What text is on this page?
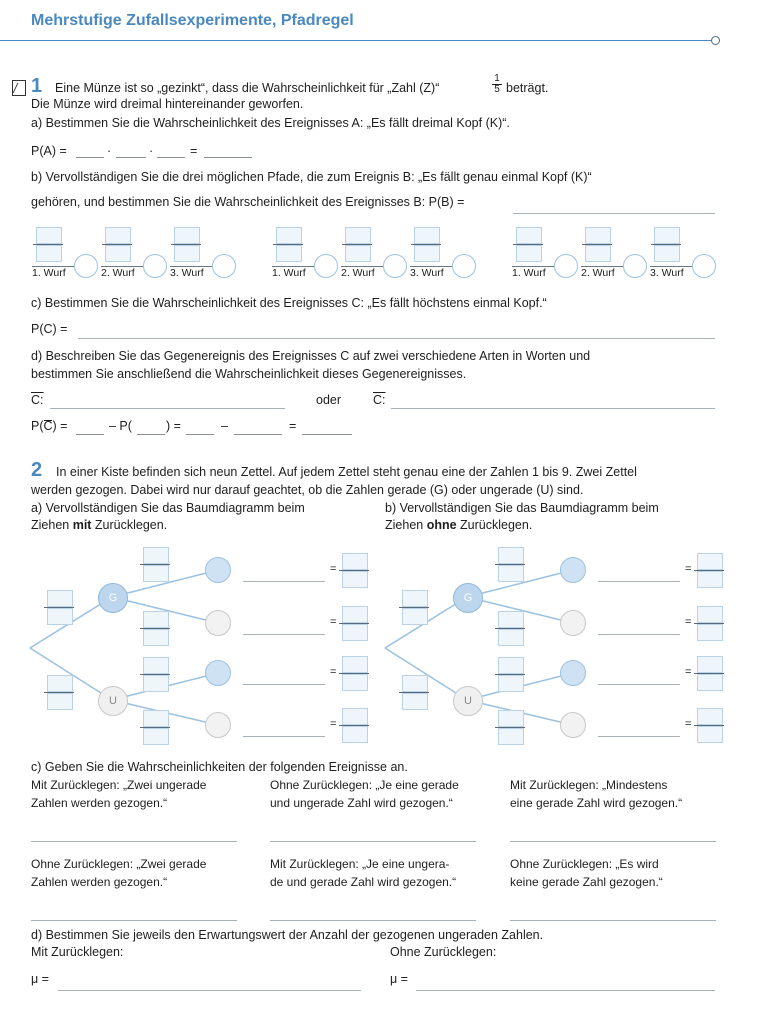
Mehrstufige Zufallsexperimente, Pfadregel
1 Eine Münze ist so „gezinkt“, dass die Wahrscheinlichkeit für „Zahl (Z)“	$\frac{1}{5}$ beträgt.
Die Münze wird dreimal hintereinander geworfen.
a) Bestimmen Sie die Wahrscheinlichkeit des Ereignisses A: „Es fällt dreimal Kopf (K)“.
P(A) =	·	·	=
b) Vervollständigen Sie die drei möglichen Pfade, die zum Ereignis B: „Es fällt genau einmal Kopf (K)“
gehören, und bestimmen Sie die Wahrscheinlichkeit des Ereignisses B: P(B) =
1. Wurf	2. Wurf	3. Wurf	1. Wurf	2. Wurf	3. Wurf	1. Wurf	2. Wurf	3. Wurf
c) Bestimmen Sie die Wahrscheinlichkeit des Ereignisses C: „Es fällt höchstens einmal Kopf.“
P(C) =
d) Beschreiben Sie das Gegenereignis des Ereignisses C auf zwei verschiedene Arten in Worten und
bestimmen Sie anschließend die Wahrscheinlichkeit dieses Gegenereignisses.
C:	oder	C:
P(C) =	– P(	) =	–	=
2 In einer Kiste befinden sich neun Zettel. Auf jedem Zettel steht genau eine der Zahlen 1 bis 9. Zwei Zettel
werden gezogen. Dabei wird nur darauf geachtet, ob die Zahlen gerade (G) oder ungerade (U) sind.
a) Vervollständigen Sie das Baumdiagramm beim
Ziehen mit Zurücklegen.
b) Vervollständigen Sie das Baumdiagramm beim
Ziehen ohne Zurücklegen.
G
U
=
=
=
=
G
U
=
=
=
=
c) Geben Sie die Wahrscheinlichkeiten der folgenden Ereignisse an.
Mit Zurücklegen: „Zwei ungerade
Zahlen werden gezogen.“
Ohne Zurücklegen: „Je eine gerade
und ungerade Zahl wird gezogen.“
Mit Zurücklegen: „Mindestens
eine gerade Zahl wird gezogen.“
Ohne Zurücklegen: „Zwei gerade
Zahlen werden gezogen.“
Mit Zurücklegen: „Je eine ungera-
de und gerade Zahl wird gezogen.“
Ohne Zurücklegen: „Es wird
keine gerade Zahl gezogen.“
d) Bestimmen Sie jeweils den Erwartungswert der Anzahl der gezogenen ungeraden Zahlen.
Mit Zurücklegen:	Ohne Zurücklegen:
μ =	μ =
